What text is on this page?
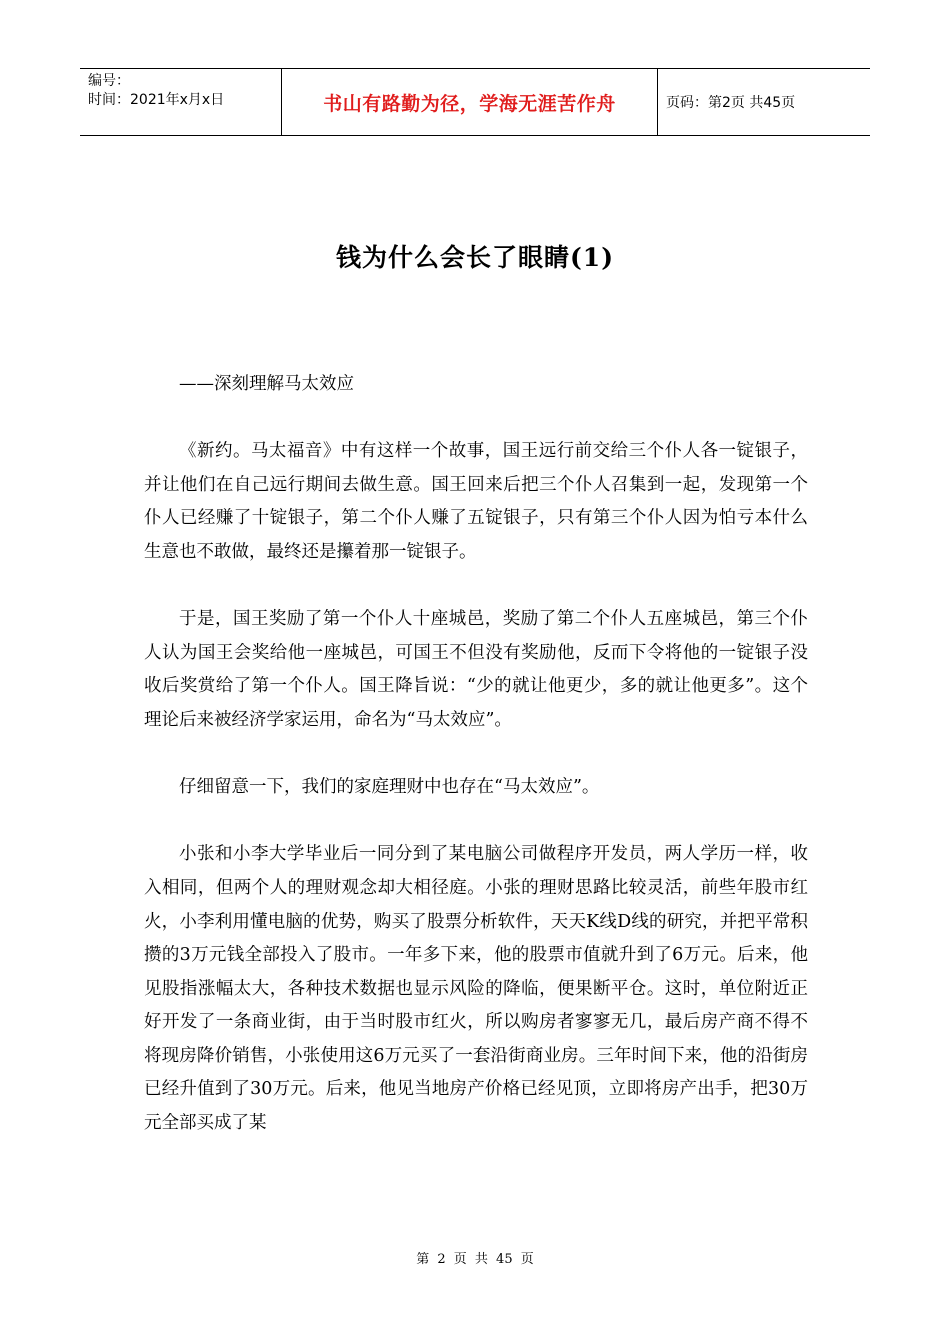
编号：
时间：2021年x月x日	书山有路勤为径，学海无涯苦作舟	页码：第2页 共45页
钱为什么会长了眼睛(1)

——深刻理解马太效应

《新约。马太福音》中有这样一个故事，国王远行前交给三个仆人各一锭银子，并让他们在自己远行期间去做生意。国王回来后把三个仆人召集到一起，发现第一个仆人已经赚了十锭银子，第二个仆人赚了五锭银子，只有第三个仆人因为怕亏本什么生意也不敢做，最终还是攥着那一锭银子。

于是，国王奖励了第一个仆人十座城邑，奖励了第二个仆人五座城邑，第三个仆人认为国王会奖给他一座城邑，可国王不但没有奖励他，反而下令将他的一锭银子没收后奖赏给了第一个仆人。国王降旨说：“少的就让他更少，多的就让他更多”。这个理论后来被经济学家运用，命名为“马太效应”。

仔细留意一下，我们的家庭理财中也存在“马太效应”。

小张和小李大学毕业后一同分到了某电脑公司做程序开发员，两人学历一样，收入相同，但两个人的理财观念却大相径庭。小张的理财思路比较灵活，前些年股市红火，小李利用懂电脑的优势，购买了股票分析软件，天天K线D线的研究，并把平常积攒的3万元钱全部投入了股市。一年多下来，他的股票市值就升到了6万元。后来，他见股指涨幅太大，各种技术数据也显示风险的降临，便果断平仓。这时，单位附近正好开发了一条商业街，由于当时股市红火，所以购房者寥寥无几，最后房产商不得不将现房降价销售，小张使用这6万元买了一套沿街商业房。三年时间下来，他的沿街房已经升值到了30万元。后来，他见当地房产价格已经见顶，立即将房产出手，把30万元全部买成了某

第 2 页 共 45 页
